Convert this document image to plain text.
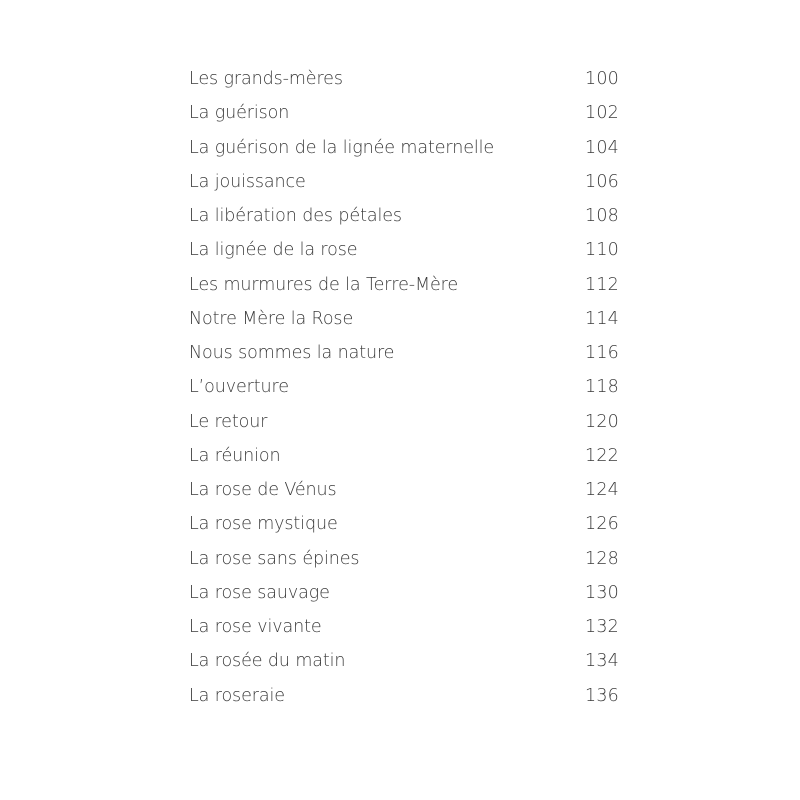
Les grands-mères	100
La guérison	102
La guérison de la lignée maternelle	104
La jouissance	106
La libération des pétales	108
La lignée de la rose	110
Les murmures de la Terre-Mère	112
Notre Mère la Rose	114
Nous sommes la nature	116
L’ouverture	118
Le retour	120
La réunion	122
La rose de Vénus	124
La rose mystique	126
La rose sans épines	128
La rose sauvage	130
La rose vivante	132
La rosée du matin	134
La roseraie	136
